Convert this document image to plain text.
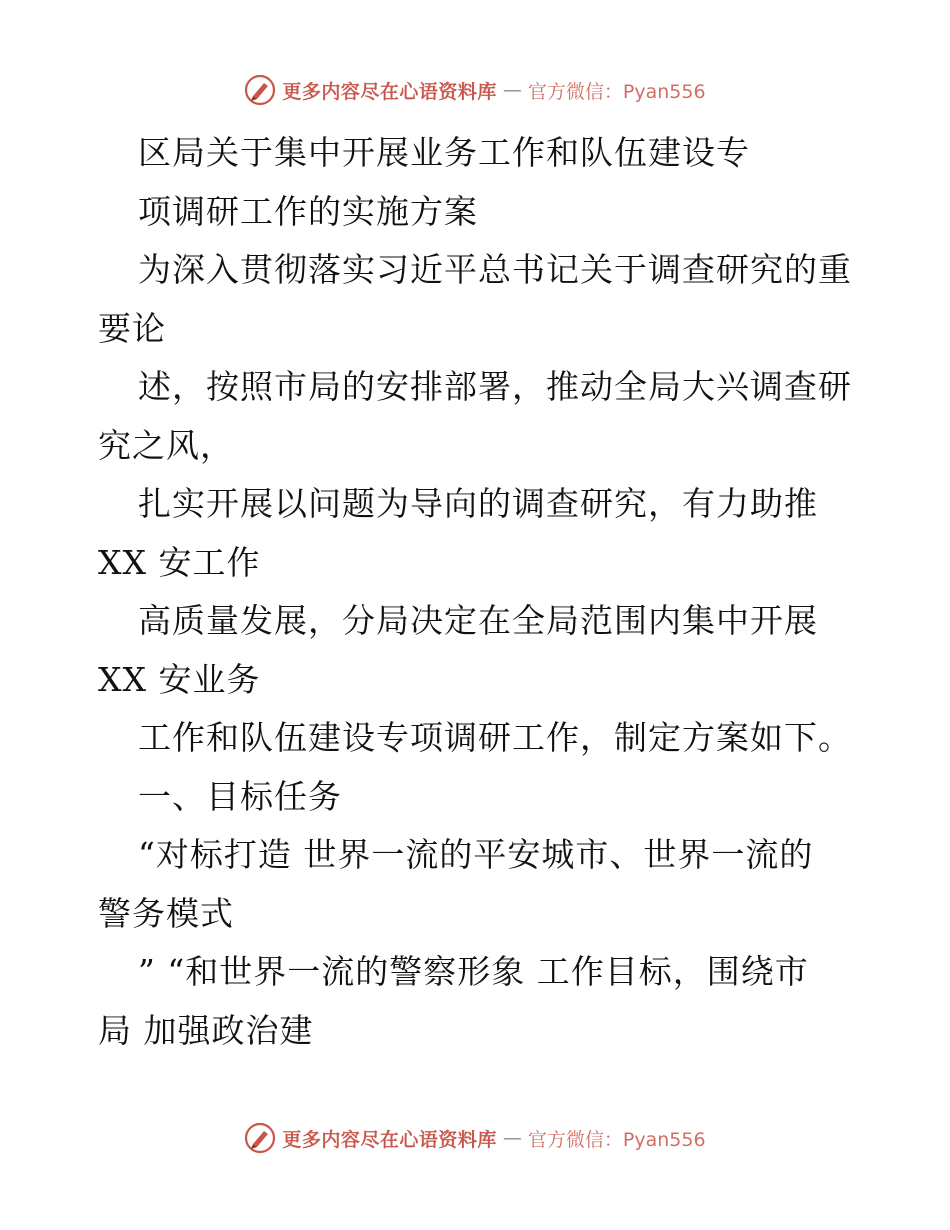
更多内容尽在心语资料库 — 官方微信：Pyan556
区局关于集中开展业务工作和队伍建设专
项调研工作的实施方案
为深入贯彻落实习近平总书记关于调查研究的重
要论
述，按照市局的安排部署，推动全局大兴调查研
究之风，
扎实开展以问题为导向的调查研究，有力助推
XX 安工作
高质量发展，分局决定在全局范围内集中开展
XX 安业务
工作和队伍建设专项调研工作，制定方案如下。
一、目标任务
“对标打造 世界一流的平安城市、世界一流的
警务模式
” “和世界一流的警察形象 工作目标，围绕市
局 加强政治建
更多内容尽在心语资料库 — 官方微信：Pyan556
